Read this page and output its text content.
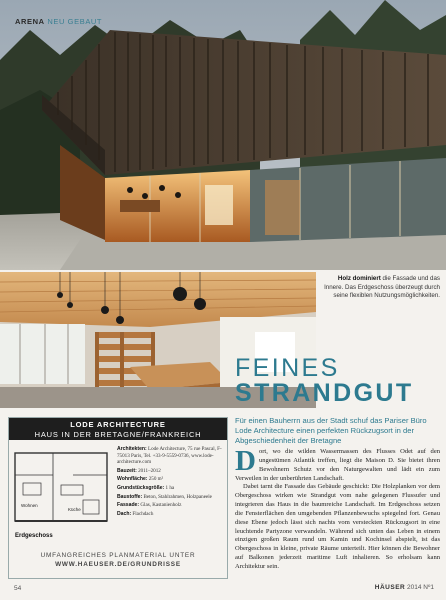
ARENA NEU GEBAUT
Holz dominiert die Fassade und das Innere. Das Erdgeschoss überzeugt durch seine flexiblen Nutzungsmöglichkeiten.
FEINES
STRANDGUT
Für einen Bauherrn aus der Stadt schuf das Pariser Büro Lode Architecture einen perfekten Rückzugsort in der Abgeschiedenheit der Bretagne

Dort, wo die wilden Wassermassen des Flusses Odet auf den ungestümen Atlantik treffen, liegt die Maison D. Sie bietet ihren Bewohnern Schutz vor den Naturgewalten und lädt ein zum Verweilen in der unberührten Landschaft.

Dabei tarnt die Fassade das Gebäude geschickt: Die Holzplanken vor dem Obergeschoss wirken wie Strandgut vom nahe gelegenen Flussufer und integrieren das Haus in die baumreiche Landschaft. Im Erdgeschoss setzen die Fensterflächen den umgebenden Pflanzenbewuchs spiegelnd fort. Genau diese Ebene jedoch lässt sich nachts vom versteckten Rückzugsort in eine leuchtende Partyzone verwandeln. Während sich unten das Leben in einem einzigen großen Raum rund um Kamin und Kochinsel abspielt, ist das Obergeschoss in kleine, private Räume unterteilt. Hier können die Bewohner auf Balkonen jederzeit maritime Luft inhalieren. So erholsam kann Architektur sein.

LODE ARCHITECTURE
HAUS IN DER BRETAGNE/FRANKREICH
Wohnen
Küche
Erdgeschoss
Architekten: Lode Architecture, 75 rue Pascal, F-75013 Paris, Tel. +33-9-5559-0736, www.lode-architecture.com
Bauzeit: 2011–2012
Wohnfläche: 250 m²
Grundstücksgröße: 1 ha
Baustoffe: Beton, Stahlrahmen, Holzpaneele
Fassade: Glas, Kastanienholz
Dach: Flachdach
UMFANGREICHES PLANMATERIAL UNTER
WWW.HAEUSER.DE/GRUNDRISSE
54	HÄUSER 2014 Nº1
